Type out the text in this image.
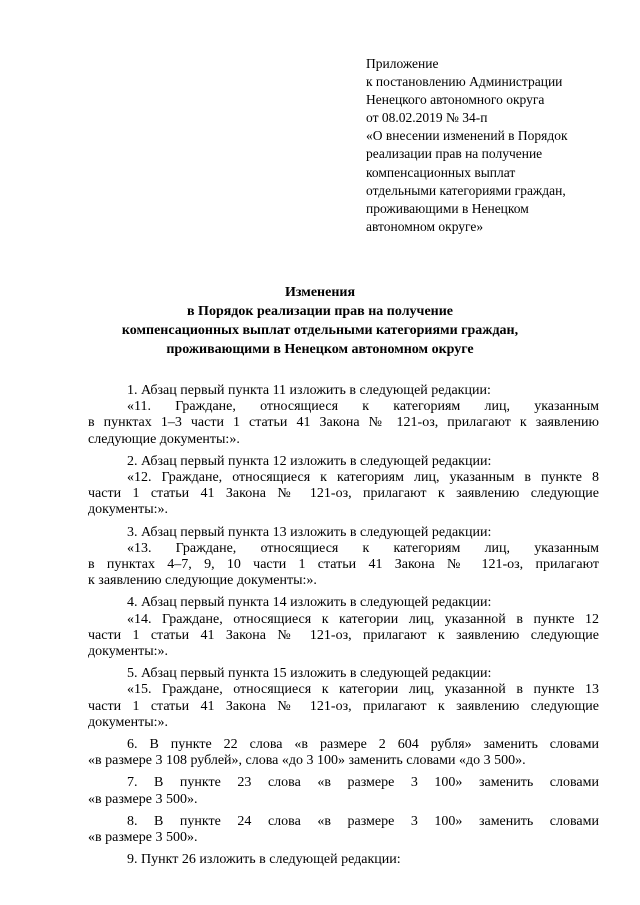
Приложение
к постановлению Администрации
Ненецкого автономного округа
от 08.02.2019 № 34-п
«О внесении изменений в Порядок
реализации прав на получение
компенсационных выплат
отдельными категориями граждан,
проживающими в Ненецком
автономном округе»
Изменения
в Порядок реализации прав на получение
компенсационных выплат отдельными категориями граждан,
проживающими в Ненецком автономном округе
1. Абзац первый пункта 11 изложить в следующей редакции:
«11. Граждане, относящиеся к категориям лиц, указанным
в пунктах 1–3 части 1 статьи 41 Закона № 121-оз, прилагают к заявлению
следующие документы:».
2. Абзац первый пункта 12 изложить в следующей редакции:
«12. Граждане, относящиеся к категориям лиц, указанным в пункте 8
части 1 статьи 41 Закона № 121-оз, прилагают к заявлению следующие
документы:».
3. Абзац первый пункта 13 изложить в следующей редакции:
«13. Граждане, относящиеся к категориям лиц, указанным
в пунктах 4–7, 9, 10 части 1 статьи 41 Закона № 121-оз, прилагают
к заявлению следующие документы:».
4. Абзац первый пункта 14 изложить в следующей редакции:
«14. Граждане, относящиеся к категории лиц, указанной в пункте 12
части 1 статьи 41 Закона № 121-оз, прилагают к заявлению следующие
документы:».
5. Абзац первый пункта 15 изложить в следующей редакции:
«15. Граждане, относящиеся к категории лиц, указанной в пункте 13
части 1 статьи 41 Закона № 121-оз, прилагают к заявлению следующие
документы:».
6. В пункте 22 слова «в размере 2 604 рубля» заменить словами
«в размере 3 108 рублей», слова «до 3 100» заменить словами «до 3 500».
7. В пункте 23 слова «в размере 3 100» заменить словами
«в размере 3 500».
8. В пункте 24 слова «в размере 3 100» заменить словами
«в размере 3 500».
9. Пункт 26 изложить в следующей редакции:
